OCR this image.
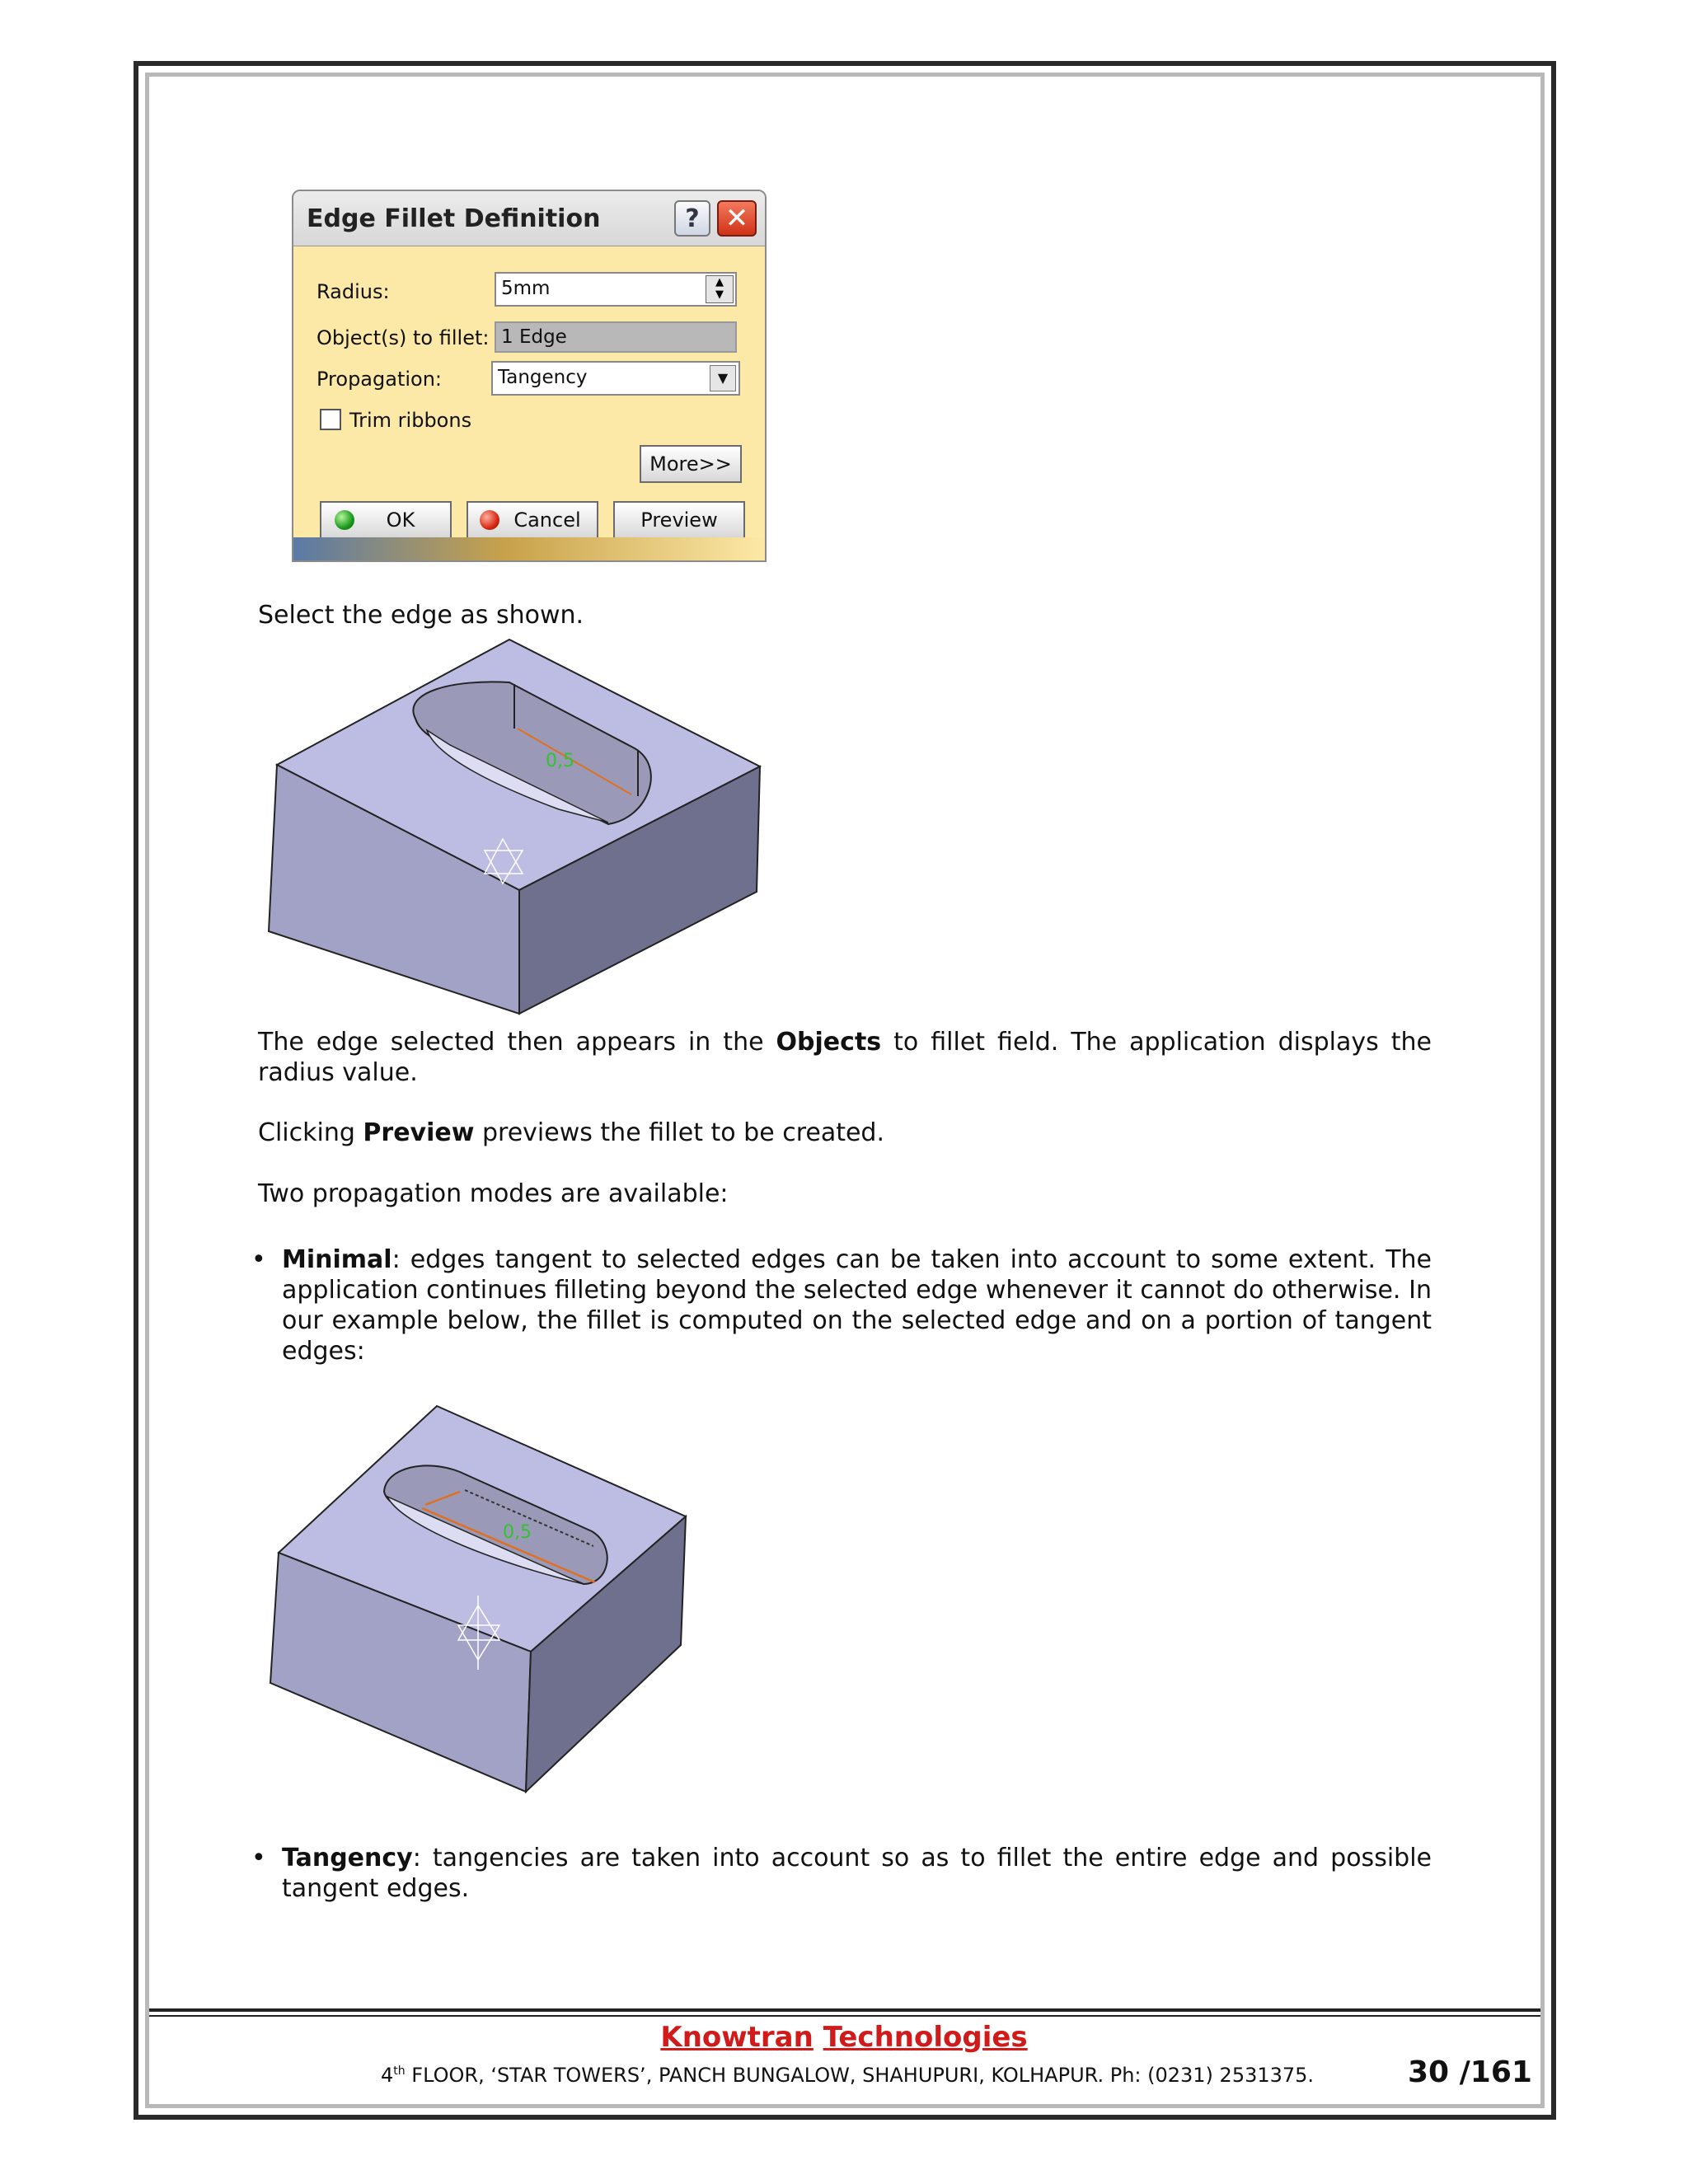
Edge Fillet Definition	? ✕
Radius:	5mm	▲
▼
Object(s) to fillet: 1 Edge
Propagation:	Tangency	▼
Trim ribbons
More>>
OK	Cancel	Preview
Select the edge as shown.
0,5
The edge selected then appears in the Objects to fillet field. The application displays the radius value.
Clicking Preview previews the fillet to be created.
Two propagation modes are available:
• Minimal: edges tangent to selected edges can be taken into account to some extent. The application continues filleting beyond the selected edge whenever it cannot do otherwise. In our example below, the fillet is computed on the selected edge and on a portion of tangent edges:
0,5
• Tangency: tangencies are taken into account so as to fillet the entire edge and possible tangent edges.
Knowtran Technologies
4th FLOOR, ‘STAR TOWERS’, PANCH BUNGALOW, SHAHUPURI, KOLHAPUR. Ph: (0231) 2531375.	30 /161
